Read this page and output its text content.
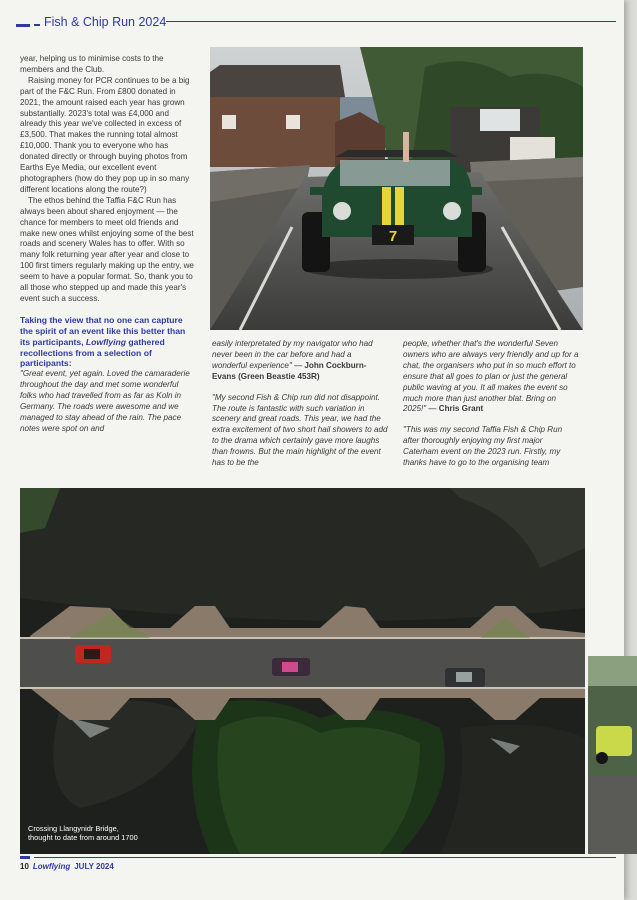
Fish & Chip Run 2024

year, helping us to minimise costs to the members and the Club.

Raising money for PCR continues to be a big part of the F&C Run. From £800 donated in 2021, the amount raised each year has grown substantially. 2023's total was £4,000 and already this year we've collected in excess of £3,500. That makes the running total almost £10,000. Thank you to everyone who has donated directly or through buying photos from Earths Eye Media, our excellent event photographers (how do they pop up in so many different locations along the route?)

The ethos behind the Taffia F&C Run has always been about shared enjoyment — the chance for members to meet old friends and make new ones whilst enjoying some of the best roads and scenery Wales has to offer. With so many folk returning year after year and close to 100 first timers regularly making up the entry, we seem to have a popular format. So, thank you to all those who stepped up and made this year's event such a success.

Taking the view that no one can capture the spirit of an event like this better than its participants, Lowflying gathered recollections from a selection of participants:

"Great event, yet again. Loved the camaraderie throughout the day and met some wonderful folks who had travelled from as far as Koln in Germany. The roads were awesome and we managed to stay ahead of the rain. The pace notes were spot on and

7

easily interpretated by my navigator who had never been in the car before and had a wonderful experience" — John Cockburn-Evans (Green Beastie 453R)

"My second Fish & Chip run did not disappoint. The route is fantastic with such variation in scenery and great roads. This year, we had the extra excitement of two short hail showers to add to the drama which certainly gave more laughs than frowns. But the main highlight of the event has to be the

people, whether that's the wonderful Seven owners who are always very friendly and up for a chat, the organisers who put in so much effort to ensure that all goes to plan or just the general public waving at you. It all makes the event so much more than just another blat. Bring on 2025!" — Chris Grant

"This was my second Taffia Fish & Chip Run after thoroughly enjoying my first major Caterham event on the 2023 run. Firstly, my thanks have to go to the organising team

Crossing Llangynidr Bridge,
thought to date from around 1700
10 Lowflying JULY 2024
